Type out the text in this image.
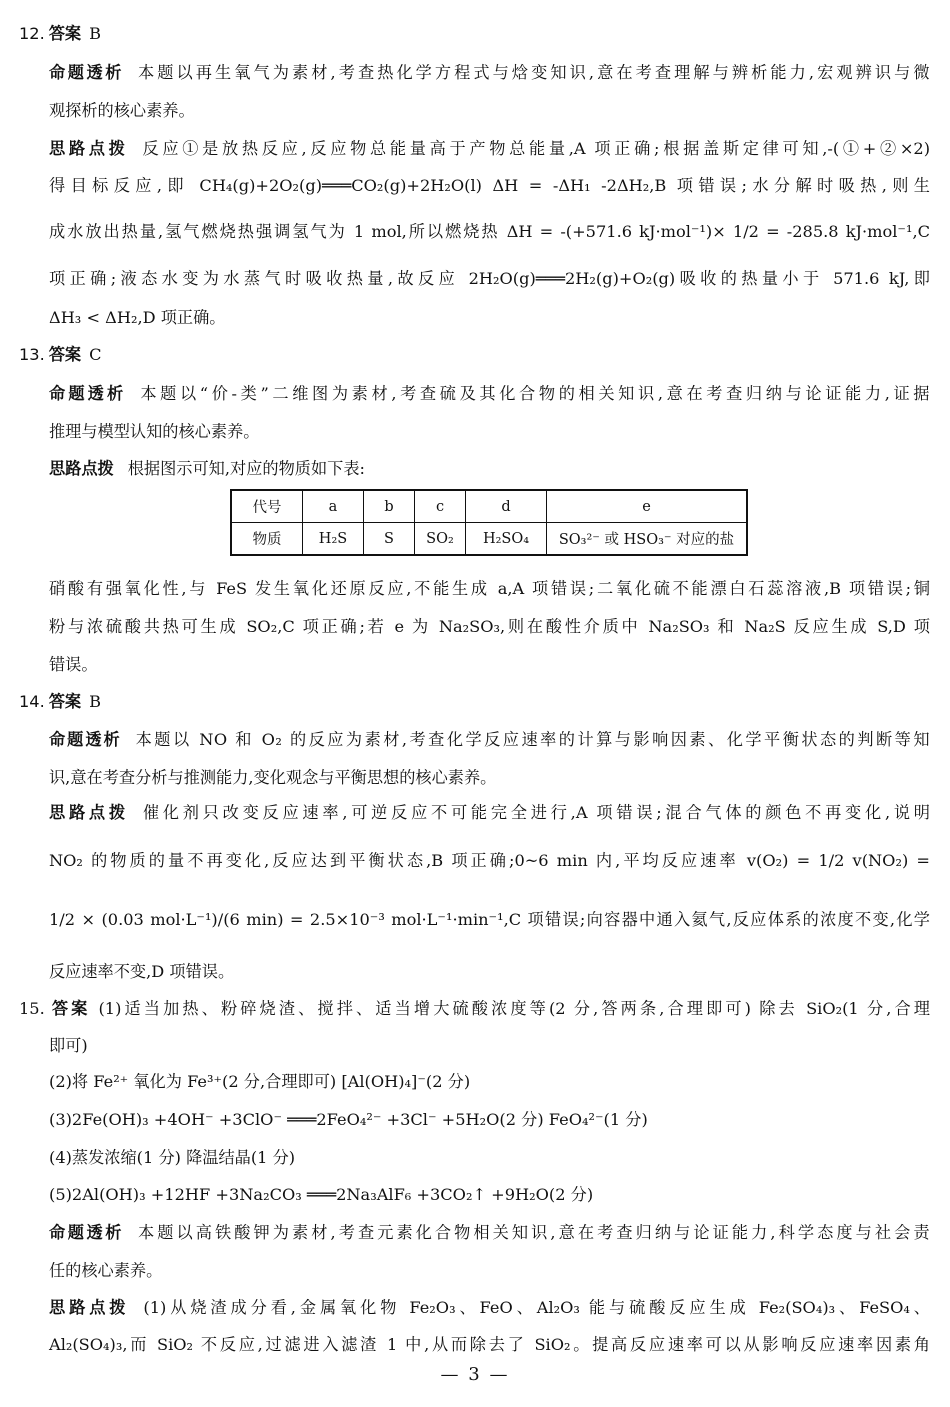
12. 答案 B
命题透析 本题以再生氧气为素材,考查热化学方程式与焓变知识,意在考查理解与辨析能力,宏观辨识与微
观探析的核心素养。
思路点拨 反应①是放热反应,反应物总能量高于产物总能量,A 项正确;根据盖斯定律可知,-(①+②×2)
得目标反应,即 CH₄(g)+2O₂(g)═══CO₂(g)+2H₂O(l) ΔH = -ΔH₁ -2ΔH₂,B 项错误;水分解时吸热,则生
成水放出热量,氢气燃烧热强调氢气为 1 mol,所以燃烧热 ΔH = -(+571.6 kJ·mol⁻¹)× 1/2 = -285.8 kJ·mol⁻¹,C
项正确;液态水变为水蒸气时吸收热量,故反应 2H₂O(g)═══2H₂(g)+O₂(g)吸收的热量小于 571.6 kJ,即
ΔH₃ < ΔH₂,D 项正确。
13. 答案 C
命题透析 本题以“价-类”二维图为素材,考查硫及其化合物的相关知识,意在考查归纳与论证能力,证据
推理与模型认知的核心素养。
思路点拨 根据图示可知,对应的物质如下表:
代号	a	b	c	d	e
物质	H₂S	S	SO₂	H₂SO₄	SO₃²⁻ 或 HSO₃⁻ 对应的盐
硝酸有强氧化性,与 FeS 发生氧化还原反应,不能生成 a,A 项错误;二氧化硫不能漂白石蕊溶液,B 项错误;铜
粉与浓硫酸共热可生成 SO₂,C 项正确;若 e 为 Na₂SO₃,则在酸性介质中 Na₂SO₃ 和 Na₂S 反应生成 S,D 项
错误。
14. 答案 B
命题透析 本题以 NO 和 O₂ 的反应为素材,考查化学反应速率的计算与影响因素、化学平衡状态的判断等知
识,意在考查分析与推测能力,变化观念与平衡思想的核心素养。
思路点拨 催化剂只改变反应速率,可逆反应不可能完全进行,A 项错误;混合气体的颜色不再变化,说明
NO₂ 的物质的量不再变化,反应达到平衡状态,B 项正确;0~6 min 内,平均反应速率 v(O₂) = 1/2 v(NO₂) =
1/2 × (0.03 mol·L⁻¹)/(6 min) = 2.5×10⁻³ mol·L⁻¹·min⁻¹,C 项错误;向容器中通入氦气,反应体系的浓度不变,化学
反应速率不变,D 项错误。
15. 答案 (1)适当加热、粉碎烧渣、搅拌、适当增大硫酸浓度等(2 分,答两条,合理即可) 除去 SiO₂(1 分,合理
即可)
(2)将 Fe²⁺ 氧化为 Fe³⁺(2 分,合理即可) [Al(OH)₄]⁻(2 分)
(3)2Fe(OH)₃ +4OH⁻ +3ClO⁻ ═══2FeO₄²⁻ +3Cl⁻ +5H₂O(2 分) FeO₄²⁻(1 分)
(4)蒸发浓缩(1 分) 降温结晶(1 分)
(5)2Al(OH)₃ +12HF +3Na₂CO₃ ═══2Na₃AlF₆ +3CO₂↑ +9H₂O(2 分)
命题透析 本题以高铁酸钾为素材,考查元素化合物相关知识,意在考查归纳与论证能力,科学态度与社会责
任的核心素养。
思路点拨 (1)从烧渣成分看,金属氧化物 Fe₂O₃、FeO、Al₂O₃ 能与硫酸反应生成 Fe₂(SO₄)₃、FeSO₄、
Al₂(SO₄)₃,而 SiO₂ 不反应,过滤进入滤渣 1 中,从而除去了 SiO₂。提高反应速率可以从影响反应速率因素角
— 3 —
